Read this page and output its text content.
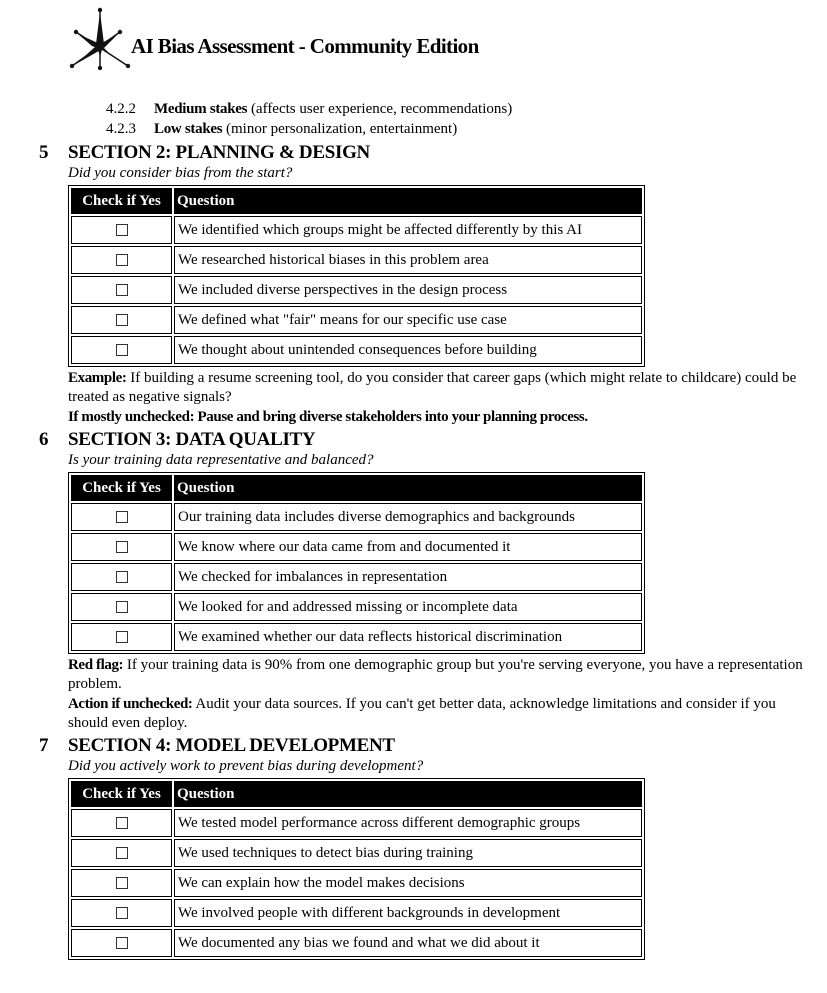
AI Bias Assessment - Community Edition
4.2.2 Medium stakes (affects user experience, recommendations)
4.2.3 Low stakes (minor personalization, entertainment)
5 SECTION 2: PLANNING & DESIGN
Did you consider bias from the start?
Check if Yes	Question
	We identified which groups might be affected differently by this AI
	We researched historical biases in this problem area
	We included diverse perspectives in the design process
	We defined what "fair" means for our specific use case
	We thought about unintended consequences before building
Example: If building a resume screening tool, do you consider that career gaps (which might relate to childcare) could be treated as negative signals?
If mostly unchecked: Pause and bring diverse stakeholders into your planning process.
6 SECTION 3: DATA QUALITY
Is your training data representative and balanced?
Check if Yes	Question
	Our training data includes diverse demographics and backgrounds
	We know where our data came from and documented it
	We checked for imbalances in representation
	We looked for and addressed missing or incomplete data
	We examined whether our data reflects historical discrimination
Red flag: If your training data is 90% from one demographic group but you're serving everyone, you have a representation problem.
Action if unchecked: Audit your data sources. If you can't get better data, acknowledge limitations and consider if you should even deploy.
7 SECTION 4: MODEL DEVELOPMENT
Did you actively work to prevent bias during development?
Check if Yes	Question
	We tested model performance across different demographic groups
	We used techniques to detect bias during training
	We can explain how the model makes decisions
	We involved people with different backgrounds in development
	We documented any bias we found and what we did about it
